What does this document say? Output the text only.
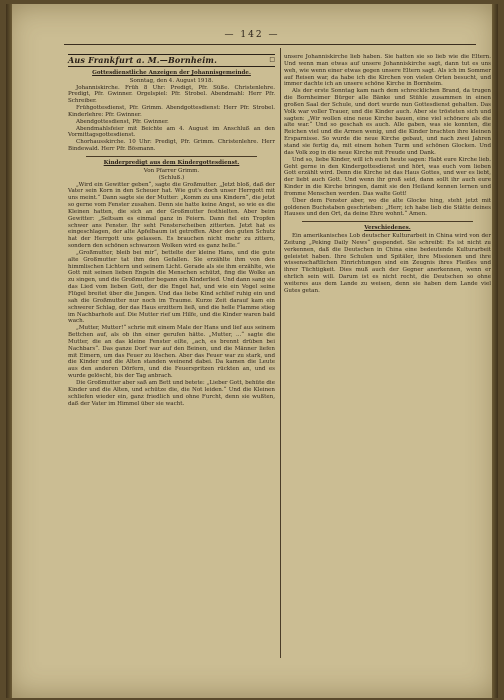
— 142 —
Aus Frankfurt a. M.—Bornheim.	□
Gottesdienstliche Anzeigen der Johannisgemeinde.
Sonntag, den 4. August 1918.

Johanniskirche. Früh 8 Uhr: Predigt, Pfr. Süße. Christenlehre. Predigt, Pfr. Gwinner. Orgelspiel: Pfr. Strobel. Abendmahl: Herr Pfr. Schreiber.

Frühgottesdienst, Pfr. Grimm. Abendgottesdienst: Herr Pfr. Strobel. Kinderlehre: Pfr. Gwinner.

Abendgottesdienst, Pfr. Gwinner.

Abendmahlsfeier mit Beichte am 4. August im Anschluß an den Vormittagsgottesdienst.

Chorhausskirche. 10 Uhr: Predigt, Pfr. Grimm. Christenlehre. Herr Bindewald. Herr Pfr. Bösmann.

Kinderpredigt aus dem Kindergottesdienst.
Von Pfarrer Grimm.
(Schluß.)

„Wird ein Gewitter geben“, sagte die Großmutter. „Jetzt bloß, daß der Vater sein Korn in den Scheuer hat. Wie gut's doch unser Herrgott mit uns meint.“ Dann sagte sie der Mutter: „Komm zu uns Kindern“, die jetzt so gerne vom Fenster zusahen. Denn sie hatte keine Angst, so wie es die Kleinen hatten, die sich an der Großmutter festhielten. Aber beim Gewitter: „Seltsam es einmal ganz in Feiern. Dann fiel ein Tropfen schwer ans Fenster. Ihr seht Fensterscheiben zitterten. Jetzt hat es eingeschlagen, der alte Apfelbaum ist getroffen. Aber den guten Schutz hat der Herrgott uns gelassen. Es brauchen nicht mehr zu zittern, sondern den schönen schwarzen Wolken wird es ganz helle.“

„Großmutter, bleib bei mir“, bettelte der kleine Hans, und die gute alte Großmutter tat ihm den Gefallen. Sie erzählte ihm von den himmlischen Lichtern und seinem Licht. Gerade als sie ihm erzählte, wie Gott mit seinen lieben Engeln die Menschen schützt, fing die Wolke an zu singen, und die Großmutter begann ein Kinderlied. Und dann sang sie das Lied vom lieben Gott, der die Engel hat, und wie ein Vogel seine Flügel breitet über die Jungen. Und das liebe Kind schlief ruhig ein und sah die Großmutter nur noch im Traume. Kurze Zeit darauf kam ein schwerer Schlag, der das Haus erzittern ließ, und die helle Flamme stieg im Nachbarhofe auf. Die Mutter rief um Hilfe, und die Kinder waren bald wach.

„Mutter, Mutter!“ schrie mit einem Male der Hans und lief aus seinem Bettchen auf, als ob ihn einer gerufen hätte. „Mutter, ...“ sagte die Mutter, die an das kleine Fenster eilte, „ach, es brennt drüben bei Nachbars“. Das ganze Dorf war auf den Beinen, und die Männer liefen mit Eimern, um das Feuer zu löschen. Aber das Feuer war zu stark, und die Kinder und die Alten standen weinend dabei. Da kamen die Leute aus den anderen Dörfern, und die Feuerspritzen rückten an, und es wurde gelöscht, bis der Tag anbrach.

Die Großmutter aber saß am Bett und betete: „Lieber Gott, behüte die Kinder und die Alten, und schütze die, die Not leiden.“ Und die Kleinen schliefen wieder ein, ganz friedlich und ohne Furcht, denn sie wußten, daß der Vater im Himmel über sie wacht.

unsere Johanniskirche lieb haben. Sie hatten sie so lieb wie die Eltern. Und wenn man etwas auf unsere Johanniskirche sagt, dann tut es uns weh, wie wenn einer etwas gegen unsere Eltern sagt. Als ich im Sommer auf Reisen war, da habe ich die Kirchen von vielen Orten besucht, und immer dachte ich an unsere schöne Kirche in Bornheim.

Als der erste Sonntag kam nach dem schrecklichen Brand, da trugen die Bornheimer Bürger alle Bänke und Stühle zusammen in einen großen Saal der Schule, und dort wurde nun Gottesdienst gehalten. Das Volk war voller Trauer, und die Kinder auch. Aber sie trösteten sich und sagten: „Wir wollen eine neue Kirche bauen, eine viel schönere als die alte war.“ Und so geschah es auch. Alle gaben, was sie konnten, die Reichen viel und die Armen wenig, und die Kinder brachten ihre kleinen Ersparnisse. So wurde die neue Kirche gebaut, und nach zwei Jahren stand sie fertig da, mit einem hohen Turm und schönen Glocken. Und das Volk zog in die neue Kirche mit Freude und Dank.

Und so, liebe Kinder, will ich euch heute sagen: Habt eure Kirche lieb. Geht gerne in den Kindergottesdienst und hört, was euch vom lieben Gott erzählt wird. Denn die Kirche ist das Haus Gottes, und wer es liebt, der liebt auch Gott. Und wenn ihr groß seid, dann sollt ihr auch eure Kinder in die Kirche bringen, damit sie den Heiland kennen lernen und fromme Menschen werden. Das walte Gott!

Über dem Fenster aber, wo die alte Glocke hing, steht jetzt mit goldenen Buchstaben geschrieben: „Herr, ich habe lieb die Stätte deines Hauses und den Ort, da deine Ehre wohnt.“ Amen.

Verschiedenes.

Ein amerikanisches Lob deutscher Kulturarbeit in China wird von der Zeitung „Peking Daily News“ gespendet. Sie schreibt: Es ist nicht zu verkennen, daß die Deutschen in China eine bedeutende Kulturarbeit geleistet haben. Ihre Schulen und Spitäler, ihre Missionen und ihre wissenschaftlichen Einrichtungen sind ein Zeugnis ihres Fleißes und ihrer Tüchtigkeit. Dies muß auch der Gegner anerkennen, wenn er ehrlich sein will. Darum ist es nicht recht, die Deutschen so ohne weiteres aus dem Lande zu weisen, denn sie haben dem Lande viel Gutes getan.
